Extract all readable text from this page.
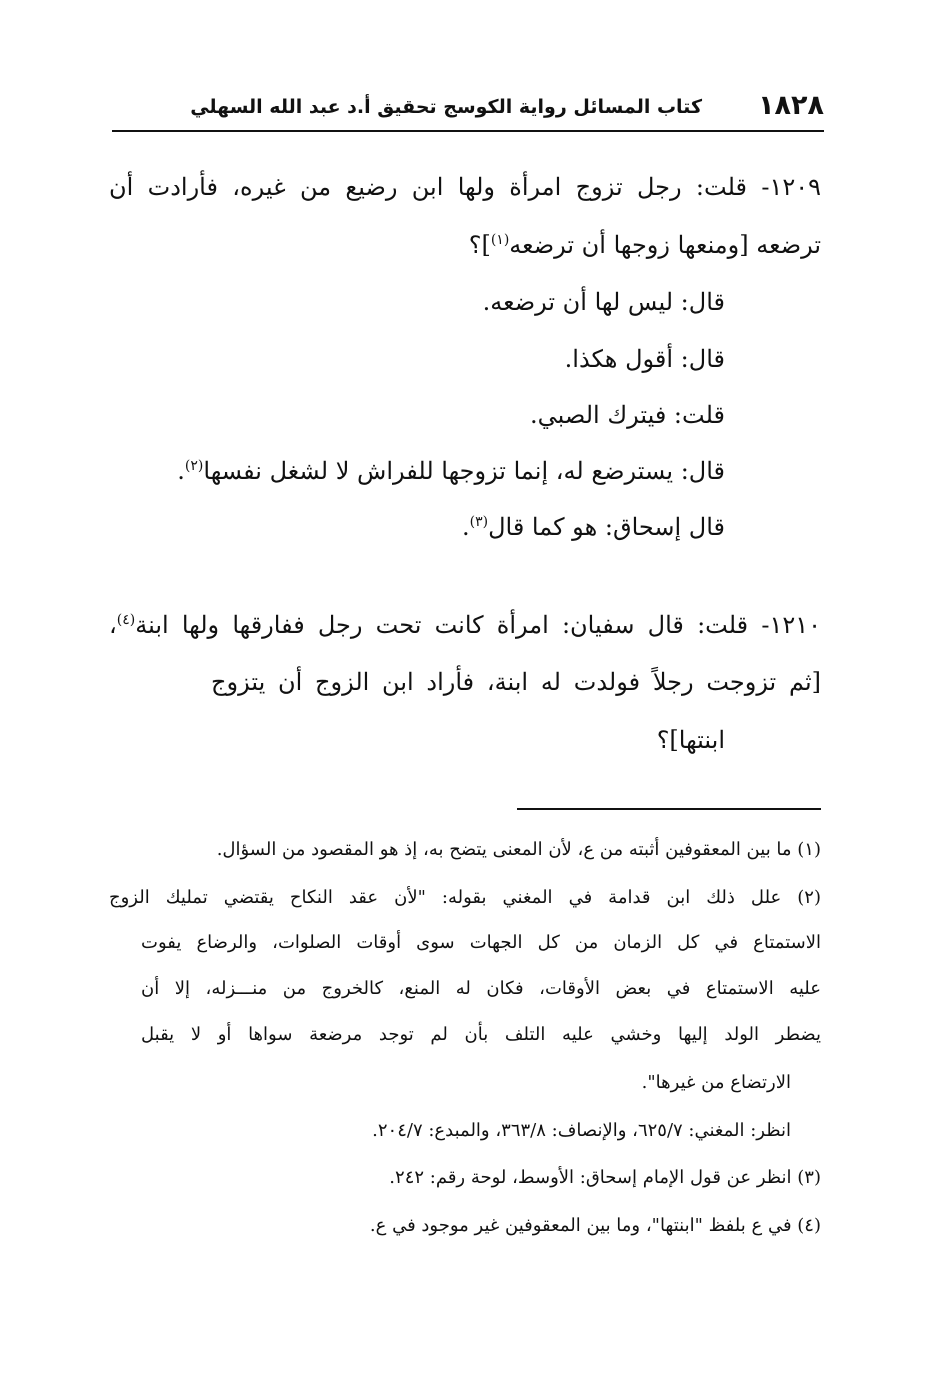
١٨٢٨
كتاب المسائل رواية الكوسج تحقيق أ.د عبد الله السهلي
١٢٠٩- قلت: رجل تزوج امرأة ولها ابن رضيع من غيره، فأرادت أن
ترضعه [ومنعها زوجها أن ترضعه$^{(١)}$]؟
قال: ليس لها أن ترضعه.
قال: أقول هكذا.
قلت: فيترك الصبي.
قال: يسترضع له، إنما تزوجها للفراش لا لشغل نفسها$^{(٢)}$.
قال إسحاق: هو كما قال$^{(٣)}$.
١٢١٠- قلت: قال سفيان: امرأة كانت تحت رجل ففارقها ولها ابنة$^{(٤)}$،
[ثم تزوجت رجلاً فولدت له ابنة، فأراد ابن الزوج أن يتزوج
ابنتها]؟
(١) ما بين المعقوفين أثبته من ع، لأن المعنى يتضح به، إذ هو المقصود من السؤال.
(٢) علل ذلك ابن قدامة في المغني بقوله: "لأن عقد النكاح يقتضي تمليك الزوج
الاستمتاع في كل الزمان من كل الجهات سوى أوقات الصلوات، والرضاع يفوت
عليه الاستمتاع في بعض الأوقات، فكان له المنع، كالخروج من منـــزله، إلا أن
يضطر الولد إليها وخشي عليه التلف بأن لم توجد مرضعة سواها أو لا يقبل
الارتضاع من غيرها".
انظر: المغني: ٦٢٥/٧، والإنصاف: ٣٦٣/٨، والمبدع: ٢٠٤/٧.
(٣) انظر عن قول الإمام إسحاق: الأوسط، لوحة رقم: ٢٤٢.
(٤) في ع بلفظ "ابنتها"، وما بين المعقوفين غير موجود في ع.
